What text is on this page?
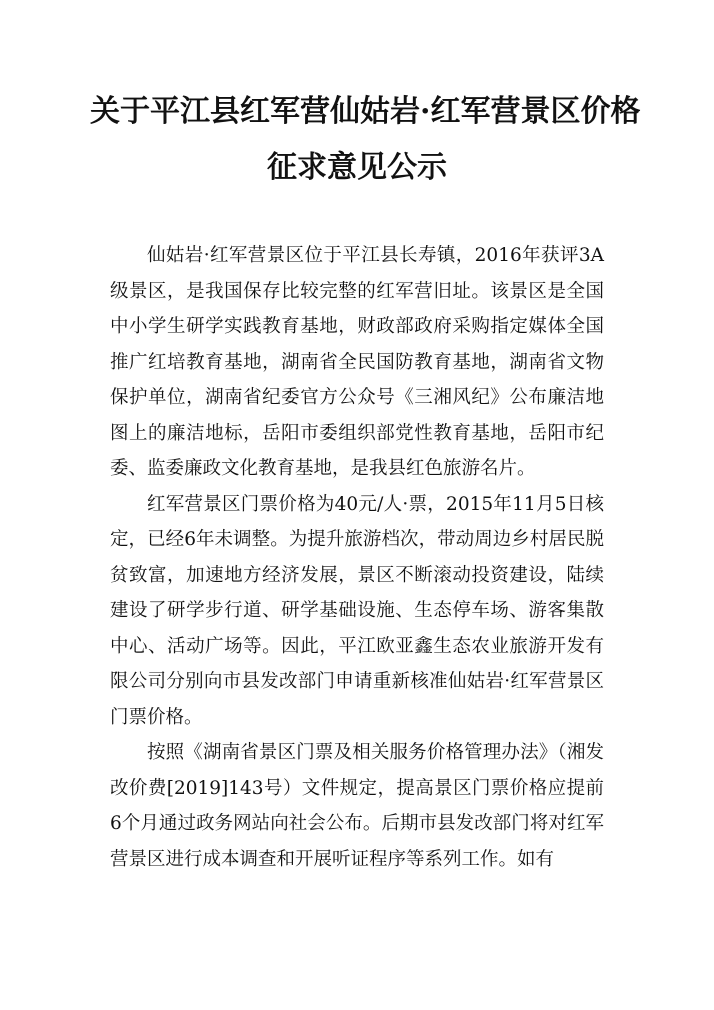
关于平江县红军营仙姑岩·红军营景区价格
征求意见公示

仙姑岩·红军营景区位于平江县长寿镇，2016年获评3A级景区，是我国保存比较完整的红军营旧址。该景区是全国中小学生研学实践教育基地，财政部政府采购指定媒体全国推广红培教育基地，湖南省全民国防教育基地，湖南省文物保护单位，湖南省纪委官方公众号《三湘风纪》公布廉洁地图上的廉洁地标，岳阳市委组织部党性教育基地，岳阳市纪委、监委廉政文化教育基地，是我县红色旅游名片。

红军营景区门票价格为40元/人·票，2015年11月5日核定，已经6年未调整。为提升旅游档次，带动周边乡村居民脱贫致富，加速地方经济发展，景区不断滚动投资建设，陆续建设了研学步行道、研学基础设施、生态停车场、游客集散中心、活动广场等。因此，平江欧亚鑫生态农业旅游开发有限公司分别向市县发改部门申请重新核准仙姑岩·红军营景区门票价格。

按照《湖南省景区门票及相关服务价格管理办法》（湘发改价费[2019]143号）文件规定，提高景区门票价格应提前6个月通过政务网站向社会公布。后期市县发改部门将对红军营景区进行成本调查和开展听证程序等系列工作。如有
